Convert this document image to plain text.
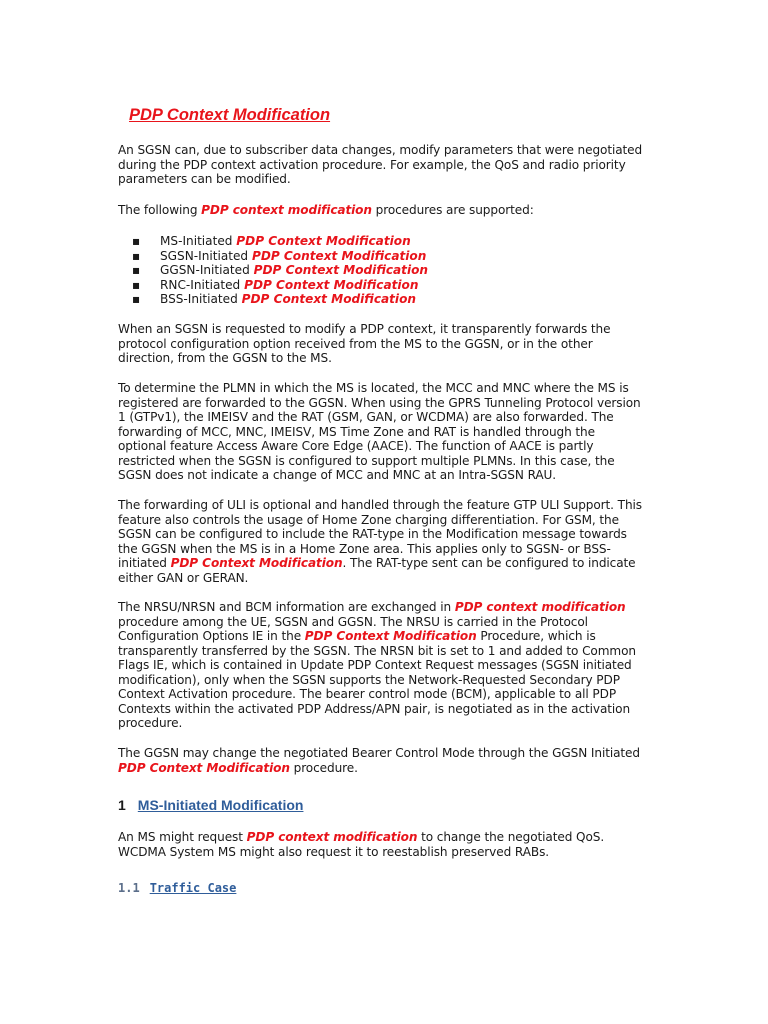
PDP Context Modification

An SGSN can, due to subscriber data changes, modify parameters that were negotiated during the PDP context activation procedure. For example, the QoS and radio priority parameters can be modified.

The following PDP context modification procedures are supported:

▪ MS-Initiated PDP Context Modification
▪ SGSN-Initiated PDP Context Modification
▪ GGSN-Initiated PDP Context Modification
▪ RNC-Initiated PDP Context Modification
▪ BSS-Initiated PDP Context Modification

When an SGSN is requested to modify a PDP context, it transparently forwards the protocol configuration option received from the MS to the GGSN, or in the other direction, from the GGSN to the MS.

To determine the PLMN in which the MS is located, the MCC and MNC where the MS is registered are forwarded to the GGSN. When using the GPRS Tunneling Protocol version 1 (GTPv1), the IMEISV and the RAT (GSM, GAN, or WCDMA) are also forwarded. The forwarding of MCC, MNC, IMEISV, MS Time Zone and RAT is handled through the optional feature Access Aware Core Edge (AACE). The function of AACE is partly restricted when the SGSN is configured to support multiple PLMNs. In this case, the SGSN does not indicate a change of MCC and MNC at an Intra-SGSN RAU.

The forwarding of ULI is optional and handled through the feature GTP ULI Support. This feature also controls the usage of Home Zone charging differentiation. For GSM, the SGSN can be configured to include the RAT-type in the Modification message towards the GGSN when the MS is in a Home Zone area. This applies only to SGSN- or BSS- initiated PDP Context Modification. The RAT-type sent can be configured to indicate either GAN or GERAN.

The NRSU/NRSN and BCM information are exchanged in PDP context modification procedure among the UE, SGSN and GGSN. The NRSU is carried in the Protocol Configuration Options IE in the PDP Context Modification Procedure, which is transparently transferred by the SGSN. The NRSN bit is set to 1 and added to Common Flags IE, which is contained in Update PDP Context Request messages (SGSN initiated modification), only when the SGSN supports the Network-Requested Secondary PDP Context Activation procedure. The bearer control mode (BCM), applicable to all PDP Contexts within the activated PDP Address/APN pair, is negotiated as in the activation procedure.

The GGSN may change the negotiated Bearer Control Mode through the GGSN Initiated PDP Context Modification procedure.

1 MS-Initiated Modification

An MS might request PDP context modification to change the negotiated QoS. WCDMA System MS might also request it to reestablish preserved RABs.

1.1 Traffic Case
